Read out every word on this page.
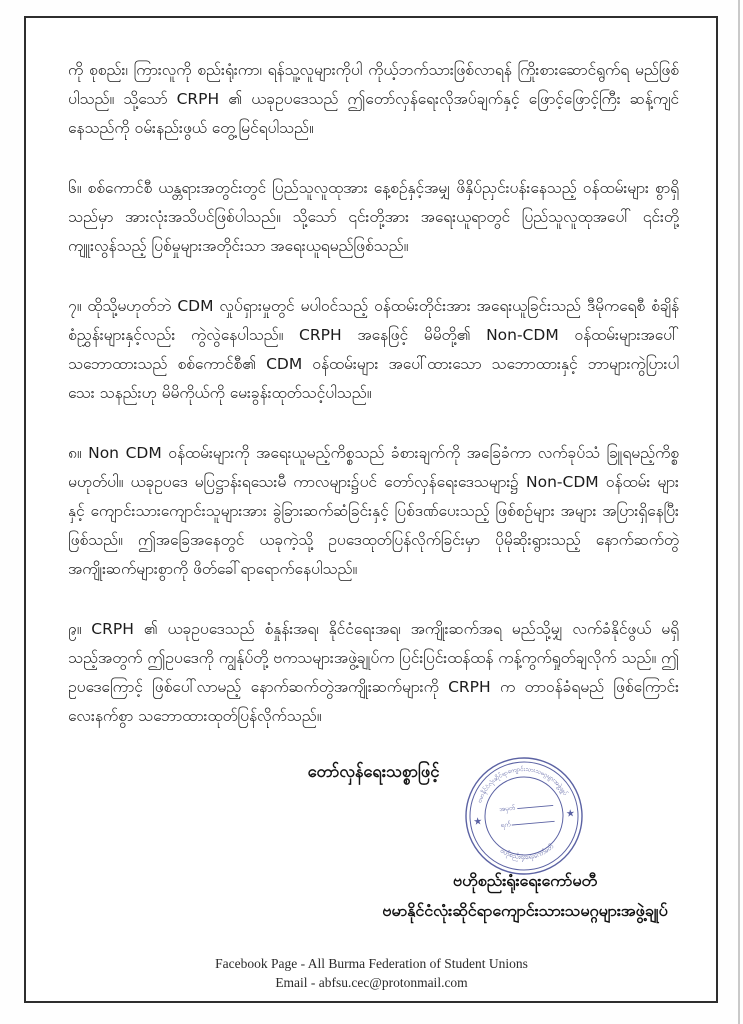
ကို စုစည်း၊ ကြားလူကို စည်းရုံးကာ၊ ရန်သူ့လူများကိုပါ ကိုယ့်ဘက်သားဖြစ်လာရန် ကြိုးစားဆောင်ရွက်ရ မည်ဖြစ်ပါသည်။ သို့သော် CRPH ၏ ယခုဥပဒေသည် ဤတော်လှန်ရေးလိုအပ်ချက်နှင့် ဖြောင့်ဖြောင့်ကြီး ဆန့်ကျင်နေသည်ကို ဝမ်းနည်းဖွယ် တွေ့မြင်ရပါသည်။

၆။ စစ်ကောင်စီ ယန္တရားအတွင်းတွင် ပြည်သူလူထုအား နေ့စဉ်နှင့်အမျှ ဖိနှိပ်ညှင်းပန်းနေသည့် ဝန်ထမ်းများ စွာရှိသည်မှာ အားလုံးအသိပင်ဖြစ်ပါသည်။ သို့သော် ၎င်းတို့အား အရေးယူရာတွင် ပြည်သူလူထုအပေါ် ၎င်းတို့ ကျူးလွန်သည့် ပြစ်မှုများအတိုင်းသာ အရေးယူရမည်ဖြစ်သည်။

၇။ ထိုသို့မဟုတ်ဘဲ CDM လှုပ်ရှားမှုတွင် မပါဝင်သည့် ဝန်ထမ်းတိုင်းအား အရေးယူခြင်းသည် ဒီမိုကရေစီ စံချိန်စံညွှန်းများနှင့်လည်း ကွဲလွဲနေပါသည်။ CRPH အနေဖြင့် မိမိတို့၏ Non-CDM ဝန်ထမ်းများအပေါ် သဘောထားသည် စစ်ကောင်စီ၏ CDM ဝန်ထမ်းများ အပေါ်ထားသော သဘောထားနှင့် ဘာများကွဲပြားပါ သေး သနည်းဟု မိမိကိုယ်ကို မေးခွန်းထုတ်သင့်ပါသည်။

၈။ Non CDM ဝန်ထမ်းများကို အရေးယူမည့်ကိစ္စသည် ခံစားချက်ကို အခြေခံကာ လက်ခုပ်သံ ခြူရမည့်ကိစ္စ မဟုတ်ပါ။ ယခုဥပဒေ မပြဋ္ဌာန်းရသေးမီ ကာလများ၌ပင် တော်လှန်ရေးဒေသများ၌ Non-CDM ဝန်ထမ်း များနှင့် ကျောင်းသားကျောင်းသူများအား ခွဲခြားဆက်ဆံခြင်းနှင့် ပြစ်ဒဏ်ပေးသည့် ဖြစ်စဉ်များ အများ အပြားရှိနေပြီး ဖြစ်သည်။ ဤအခြေအနေတွင် ယခုကဲ့သို့ ဥပဒေထုတ်ပြန်လိုက်ခြင်းမှာ ပိုမိုဆိုးရွားသည့် နောက်ဆက်တွဲ အကျိုးဆက်များစွာကို ဖိတ်ခေါ်ရာရောက်နေပါသည်။

၉။ CRPH ၏ ယခုဥပဒေသည် စံနှုန်းအရ၊ နိုင်ငံရေးအရ၊ အကျိုးဆက်အရ မည်သို့မျှ လက်ခံနိုင်ဖွယ် မရှိ သည့်အတွက် ဤဥပဒေကို ကျွန်ုပ်တို့ ဗကသများအဖွဲ့ချုပ်က ပြင်းပြင်းထန်ထန် ကန့်ကွက်ရှုတ်ချလိုက် သည်။ ဤဥပဒေကြောင့် ဖြစ်ပေါ်လာမည့် နောက်ဆက်တွဲအကျိုးဆက်များကို CRPH က တာဝန်ခံရမည် ဖြစ်ကြောင်း လေးနက်စွာ သဘောထားထုတ်ပြန်လိုက်သည်။

တော်လှန်ရေးသစ္စာဖြင့်
ဗမာနိုင်ငံလုံးဆိုင်ရာကျောင်းသားသမဂ္ဂများအဖွဲ့ချုပ်
ဗဟိုစည်းရုံးရေးကော်မတီ
★
★
အမှတ်
ရက်
ဗဟိုစည်းရုံးရေးကော်မတီ
ဗမာနိုင်ငံလုံးဆိုင်ရာကျောင်းသားသမဂ္ဂများအဖွဲ့ချုပ်
Facebook Page - All Burma Federation of Student Unions
Email - abfsu.cec@protonmail.com
